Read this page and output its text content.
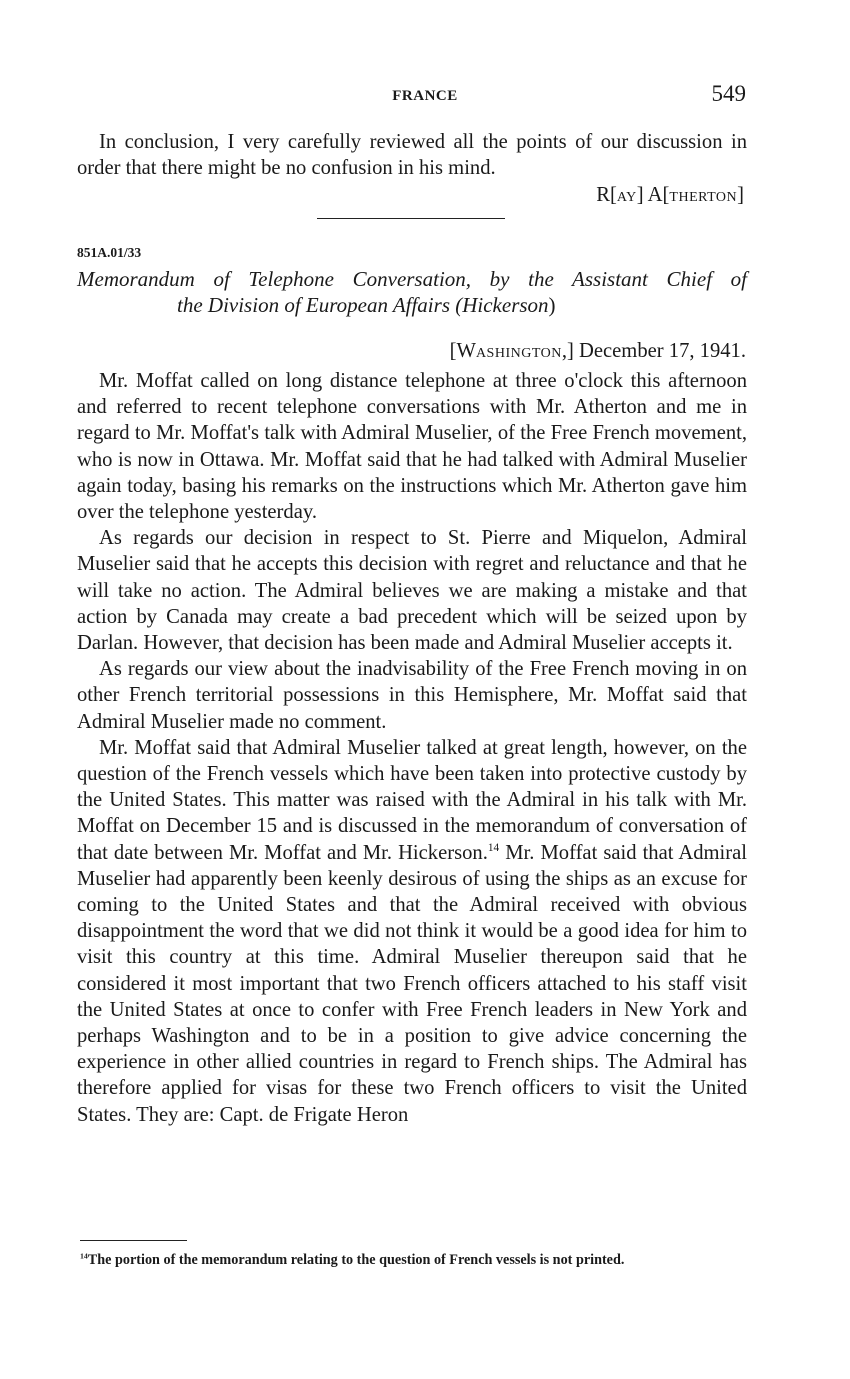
FRANCE	549

In conclusion, I very carefully reviewed all the points of our discussion in order that there might be no confusion in his mind.

R[AY] A[THERTON]
851A.01/33
Memorandum of Telephone Conversation, by the Assistant Chief of
the Division of European Affairs (Hickerson)
[WASHINGTON,] December 17, 1941.

Mr. Moffat called on long distance telephone at three o'clock this afternoon and referred to recent telephone conversations with Mr. Atherton and me in regard to Mr. Moffat's talk with Admiral Muselier, of the Free French movement, who is now in Ottawa. Mr. Moffat said that he had talked with Admiral Muselier again today, basing his remarks on the instructions which Mr. Atherton gave him over the telephone yesterday.

As regards our decision in respect to St. Pierre and Miquelon, Admiral Muselier said that he accepts this decision with regret and reluctance and that he will take no action. The Admiral believes we are making a mistake and that action by Canada may create a bad precedent which will be seized upon by Darlan. However, that decision has been made and Admiral Muselier accepts it.

As regards our view about the inadvisability of the Free French moving in on other French territorial possessions in this Hemisphere, Mr. Moffat said that Admiral Muselier made no comment.

Mr. Moffat said that Admiral Muselier talked at great length, however, on the question of the French vessels which have been taken into protective custody by the United States. This matter was raised with the Admiral in his talk with Mr. Moffat on December 15 and is discussed in the memorandum of conversation of that date between Mr. Moffat and Mr. Hickerson.$^{14}$ Mr. Moffat said that Admiral Muselier had apparently been keenly desirous of using the ships as an excuse for coming to the United States and that the Admiral received with obvious disappointment the word that we did not think it would be a good idea for him to visit this country at this time. Admiral Muselier thereupon said that he considered it most important that two French officers attached to his staff visit the United States at once to confer with Free French leaders in New York and perhaps Washington and to be in a position to give advice concerning the experience in other allied countries in regard to French ships. The Admiral has therefore applied for visas for these two French officers to visit the United States. They are: Capt. de Frigate Heron

$^{14}$The portion of the memorandum relating to the question of French vessels is not printed.
